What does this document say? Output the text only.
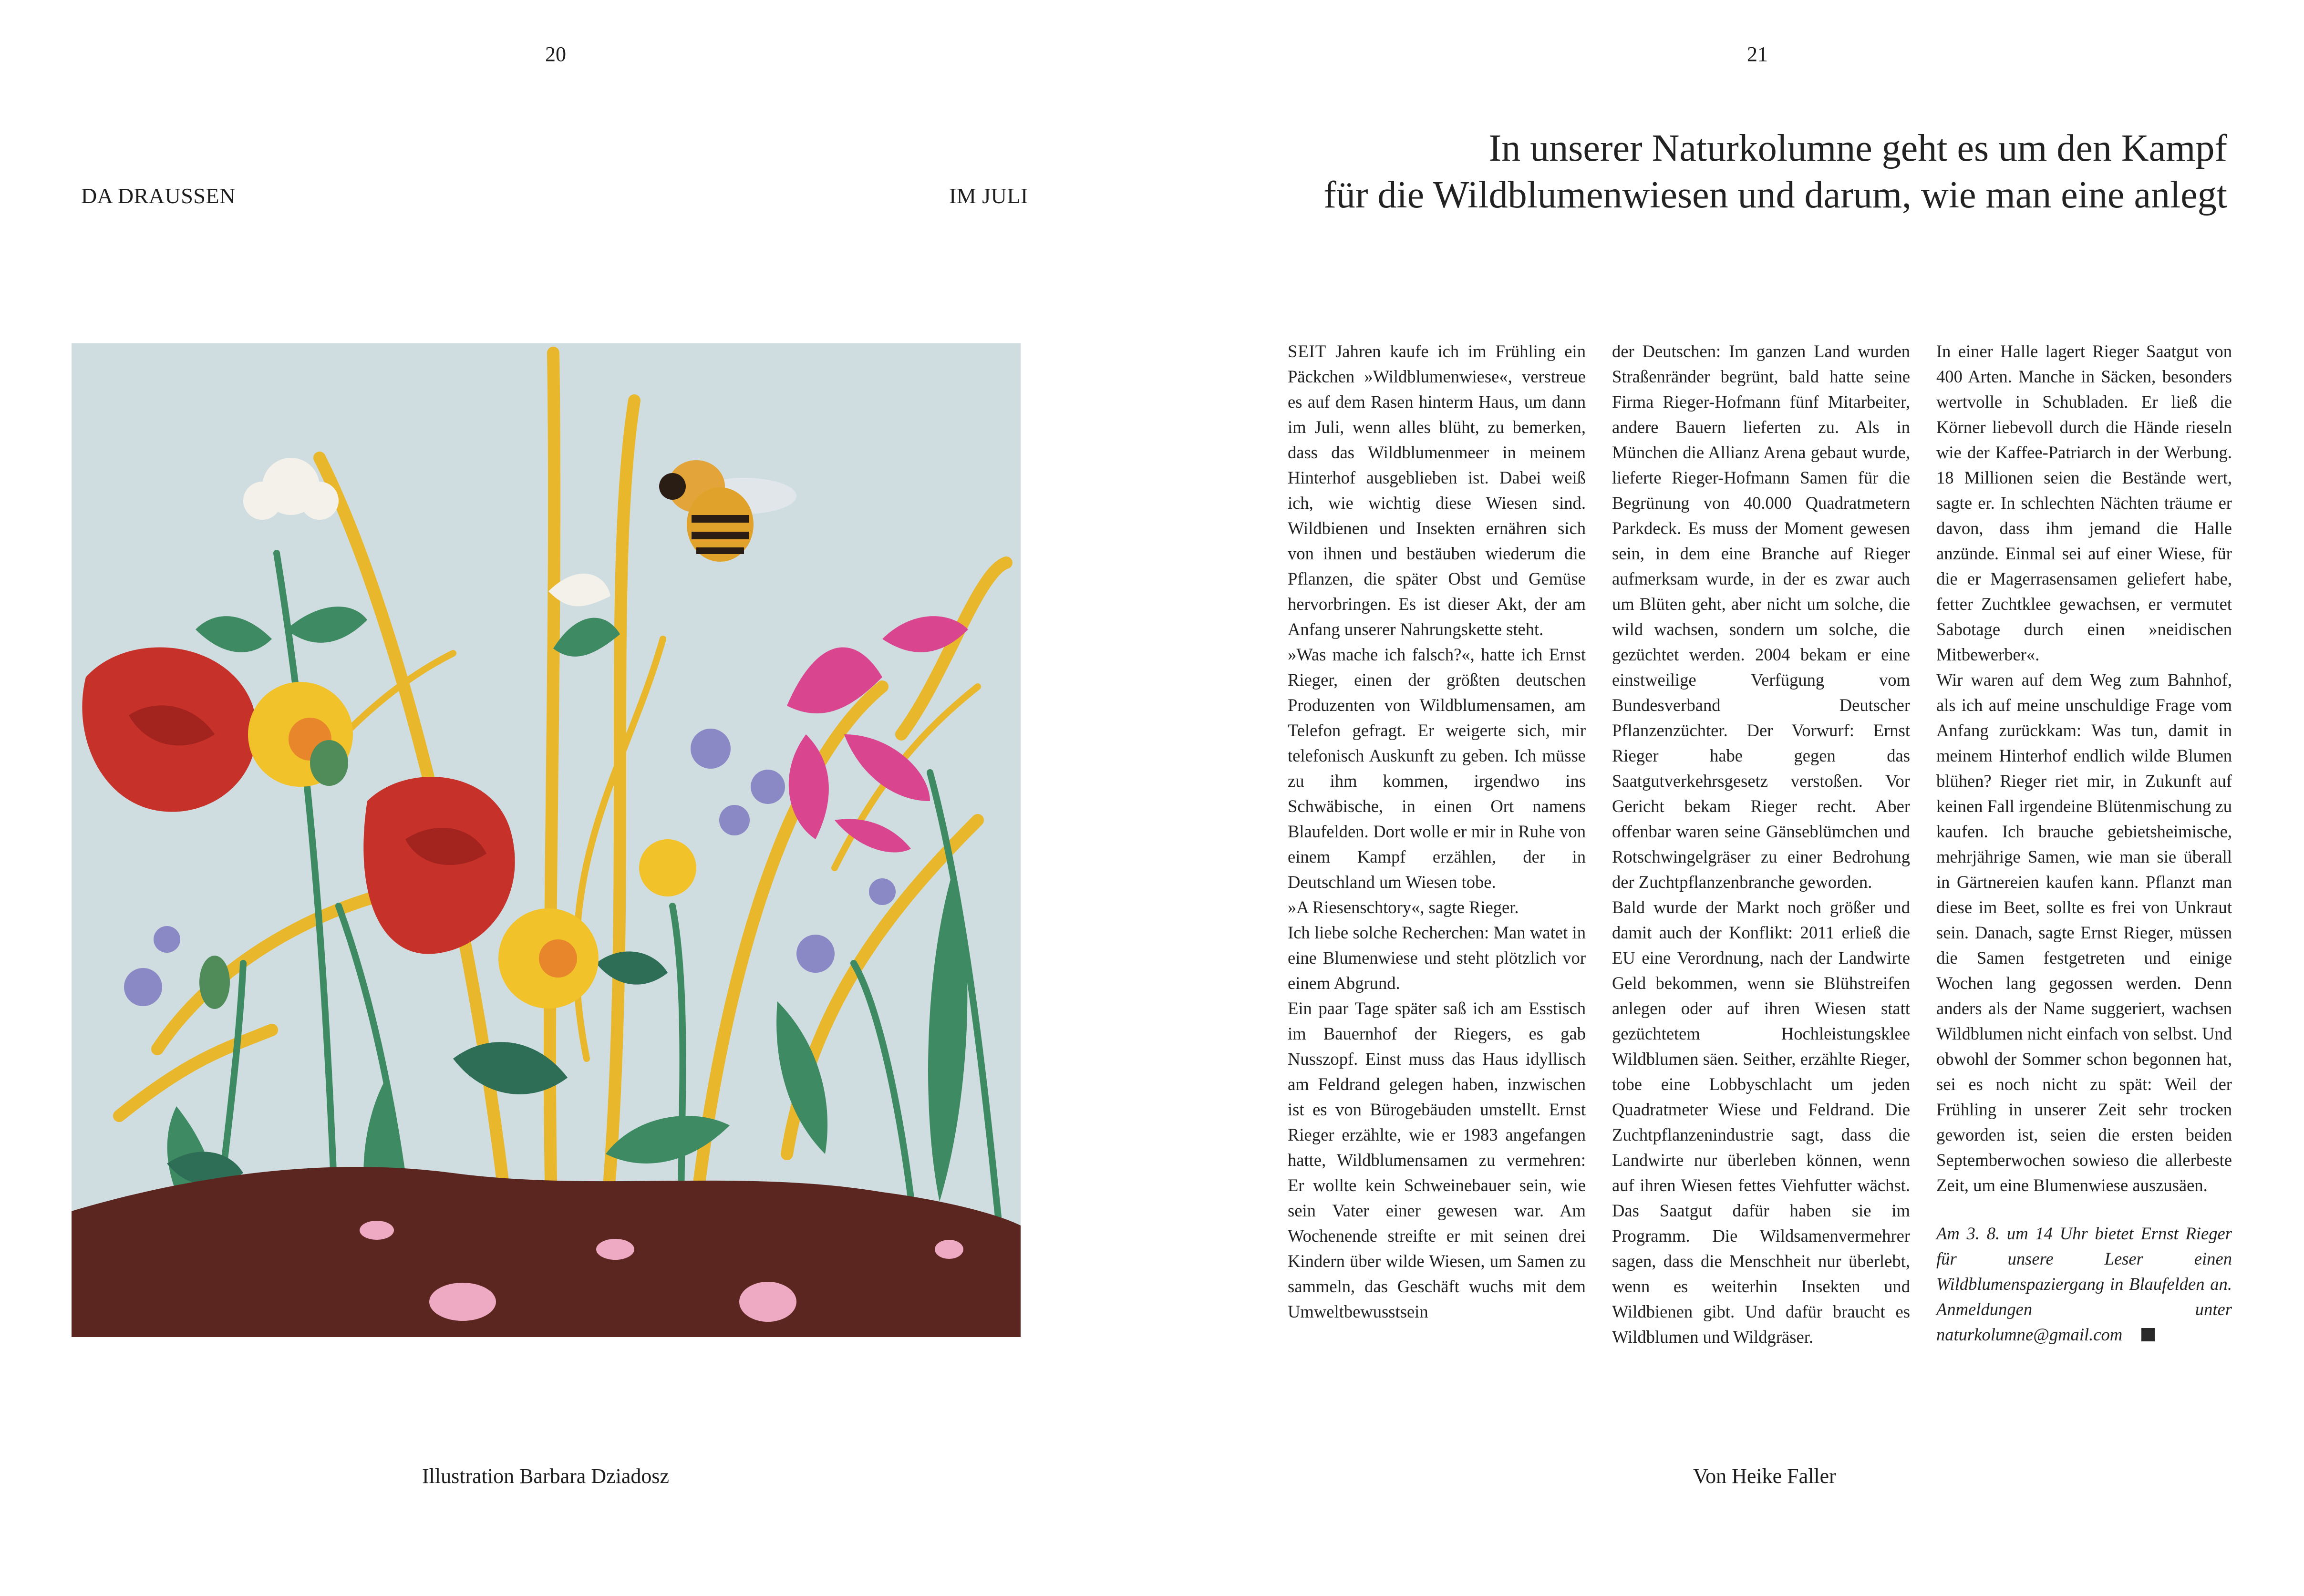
20
DA DRAUSSEN	IM JULI
Illustration Barbara Dziadosz
21
In unserer Naturkolumne geht es um den Kampf
für die Wildblumenwiesen und darum, wie man eine anlegt

SEIT Jahren kaufe ich im Frühling ein Päckchen »Wildblumenwiese«, verstreue es auf dem Rasen hinterm Haus, um dann im Juli, wenn alles blüht, zu bemerken, dass das Wildblumenmeer in meinem Hinterhof ausgeblieben ist. Dabei weiß ich, wie wichtig diese Wiesen sind. Wildbienen und Insekten ernähren sich von ihnen und bestäuben wiederum die Pflanzen, die später Obst und Gemüse hervorbringen. Es ist dieser Akt, der am Anfang unserer Nahrungskette steht.

»Was mache ich falsch?«, hatte ich Ernst Rieger, einen der größten deutschen Produzenten von Wildblumensamen, am Telefon gefragt. Er weigerte sich, mir telefonisch Auskunft zu geben. Ich müsse zu ihm kommen, irgendwo ins Schwäbische, in einen Ort namens Blaufelden. Dort wolle er mir in Ruhe von einem Kampf erzählen, der in Deutschland um Wiesen tobe.

»A Riesenschtory«, sagte Rieger.

Ich liebe solche Recherchen: Man watet in eine Blumenwiese und steht plötzlich vor einem Abgrund.

Ein paar Tage später saß ich am Esstisch im Bauernhof der Riegers, es gab Nusszopf. Einst muss das Haus idyllisch am Feldrand gelegen haben, inzwischen ist es von Bürogebäuden umstellt. Ernst Rieger erzählte, wie er 1983 angefangen hatte, Wildblumensamen zu vermehren: Er wollte kein Schweinebauer sein, wie sein Vater einer gewesen war. Am Wochenende streifte er mit seinen drei Kindern über wilde Wiesen, um Samen zu sammeln, das Geschäft wuchs mit dem Umweltbewusstsein

der Deutschen: Im ganzen Land wurden Straßenränder begrünt, bald hatte seine Firma Rieger-Hofmann fünf Mitarbeiter, andere Bauern lieferten zu. Als in München die Allianz Arena gebaut wurde, lieferte Rieger-Hofmann Samen für die Begrünung von 40.000 Quadratmetern Parkdeck. Es muss der Moment gewesen sein, in dem eine Branche auf Rieger aufmerksam wurde, in der es zwar auch um Blüten geht, aber nicht um solche, die wild wachsen, sondern um solche, die gezüchtet werden. 2004 bekam er eine einstweilige Verfügung vom Bundesverband Deutscher Pflanzenzüchter. Der Vorwurf: Ernst Rieger habe gegen das Saatgutverkehrsgesetz verstoßen. Vor Gericht bekam Rieger recht. Aber offenbar waren seine Gänseblümchen und Rotschwingelgräser zu einer Bedrohung der Zuchtpflanzenbranche geworden.

Bald wurde der Markt noch größer und damit auch der Konflikt: 2011 erließ die EU eine Verordnung, nach der Landwirte Geld bekommen, wenn sie Blühstreifen anlegen oder auf ihren Wiesen statt gezüchtetem Hochleistungsklee Wildblumen säen. Seither, erzählte Rieger, tobe eine Lobbyschlacht um jeden Quadratmeter Wiese und Feldrand. Die Zuchtpflanzenindustrie sagt, dass die Landwirte nur überleben können, wenn auf ihren Wiesen fettes Viehfutter wächst. Das Saatgut dafür haben sie im Programm. Die Wildsamenvermehrer sagen, dass die Menschheit nur überlebt, wenn es weiterhin Insekten und Wildbienen gibt. Und dafür braucht es Wildblumen und Wildgräser.

In einer Halle lagert Rieger Saatgut von 400 Arten. Manche in Säcken, besonders wertvolle in Schubladen. Er ließ die Körner liebevoll durch die Hände rieseln wie der Kaffee-Patriarch in der Werbung. 18 Millionen seien die Bestände wert, sagte er. In schlechten Nächten träume er davon, dass ihm jemand die Halle anzünde. Einmal sei auf einer Wiese, für die er Magerrasensamen geliefert habe, fetter Zuchtklee gewachsen, er vermutet Sabotage durch einen »neidischen Mitbewerber«.

Wir waren auf dem Weg zum Bahnhof, als ich auf meine unschuldige Frage vom Anfang zurückkam: Was tun, damit in meinem Hinterhof endlich wilde Blumen blühen? Rieger riet mir, in Zukunft auf keinen Fall irgendeine Blütenmischung zu kaufen. Ich brauche gebietsheimische, mehrjährige Samen, wie man sie überall in Gärtnereien kaufen kann. Pflanzt man diese im Beet, sollte es frei von Unkraut sein. Danach, sagte Ernst Rieger, müssen die Samen festgetreten und einige Wochen lang gegossen werden. Denn anders als der Name suggeriert, wachsen Wildblumen nicht einfach von selbst. Und obwohl der Sommer schon begonnen hat, sei es noch nicht zu spät: Weil der Frühling in unserer Zeit sehr trocken geworden ist, seien die ersten beiden Septemberwochen sowieso die allerbeste Zeit, um eine Blumenwiese auszusäen.

Am 3. 8. um 14 Uhr bietet Ernst Rieger für unsere Leser einen Wildblumenspaziergang in Blaufelden an. Anmeldungen unter naturkolumne@gmail.com

Von Heike Faller
